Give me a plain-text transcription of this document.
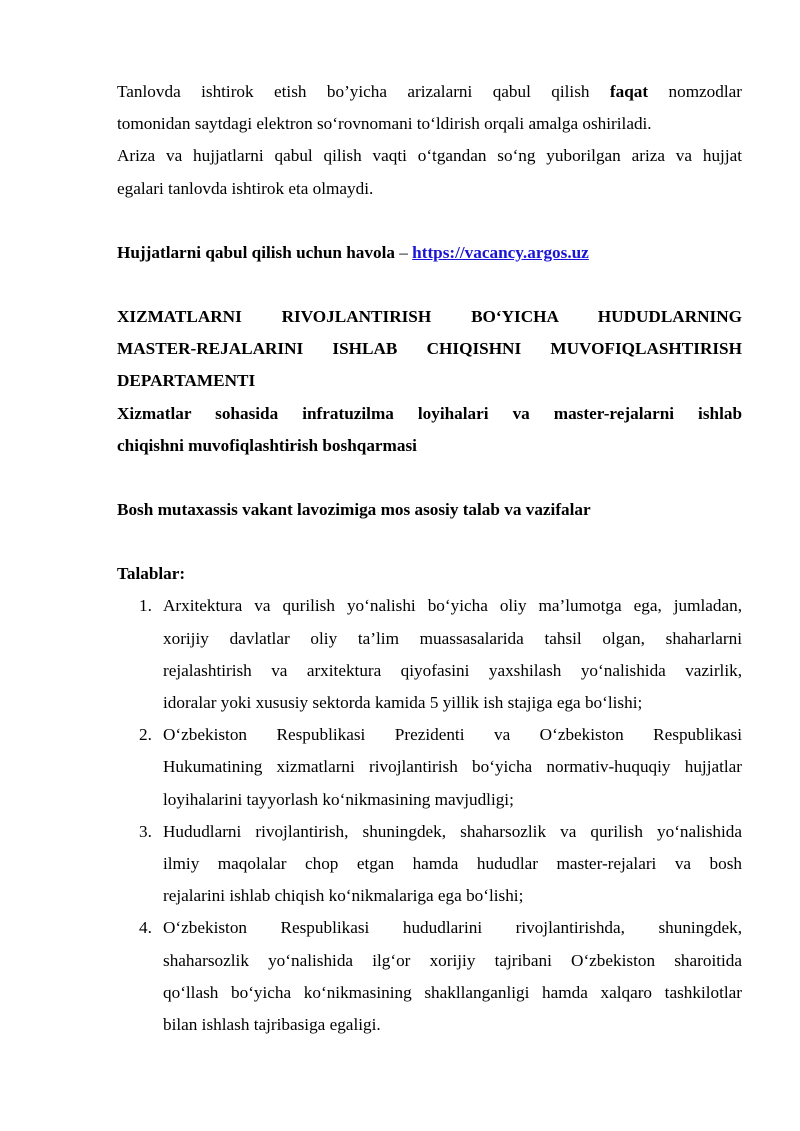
Tanlovda ishtirok etish bo’yicha arizalarni qabul qilish faqat nomzodlar
tomonidan saytdagi elektron so‘rovnomani to‘ldirish orqali amalga oshiriladi.
Ariza va hujjatlarni qabul qilish vaqti o‘tgandan so‘ng yuborilgan ariza va hujjat
egalari tanlovda ishtirok eta olmaydi.
Hujjatlarni qabul qilish uchun havola – https://vacancy.argos.uz
XIZMATLARNI RIVOJLANTIRISH BO‘YICHA HUDUDLARNING
MASTER-REJALARINI ISHLAB CHIQISHNI MUVOFIQLASHTIRISH
DEPARTAMENTI
Xizmatlar sohasida infratuzilma loyihalari va master-rejalarni ishlab
chiqishni muvofiqlashtirish boshqarmasi
Bosh mutaxassis vakant lavozimiga mos asosiy talab va vazifalar
Talablar:
1. Arxitektura va qurilish yo‘nalishi bo‘yicha oliy ma’lumotga ega, jumladan,
xorijiy davlatlar oliy ta’lim muassasalarida tahsil olgan, shaharlarni
rejalashtirish va arxitektura qiyofasini yaxshilash yo‘nalishida vazirlik,
idoralar yoki xususiy sektorda kamida 5 yillik ish stajiga ega bo‘lishi;
2. O‘zbekiston Respublikasi Prezidenti va O‘zbekiston Respublikasi
Hukumatining xizmatlarni rivojlantirish bo‘yicha normativ-huquqiy hujjatlar
loyihalarini tayyorlash ko‘nikmasining mavjudligi;
3. Hududlarni rivojlantirish, shuningdek, shaharsozlik va qurilish yo‘nalishida
ilmiy maqolalar chop etgan hamda hududlar master-rejalari va bosh
rejalarini ishlab chiqish ko‘nikmalariga ega bo‘lishi;
4. O‘zbekiston Respublikasi hududlarini rivojlantirishda, shuningdek,
shaharsozlik yo‘nalishida ilg‘or xorijiy tajribani O‘zbekiston sharoitida
qo‘llash bo‘yicha ko‘nikmasining shakllanganligi hamda xalqaro tashkilotlar
bilan ishlash tajribasiga egaligi.
